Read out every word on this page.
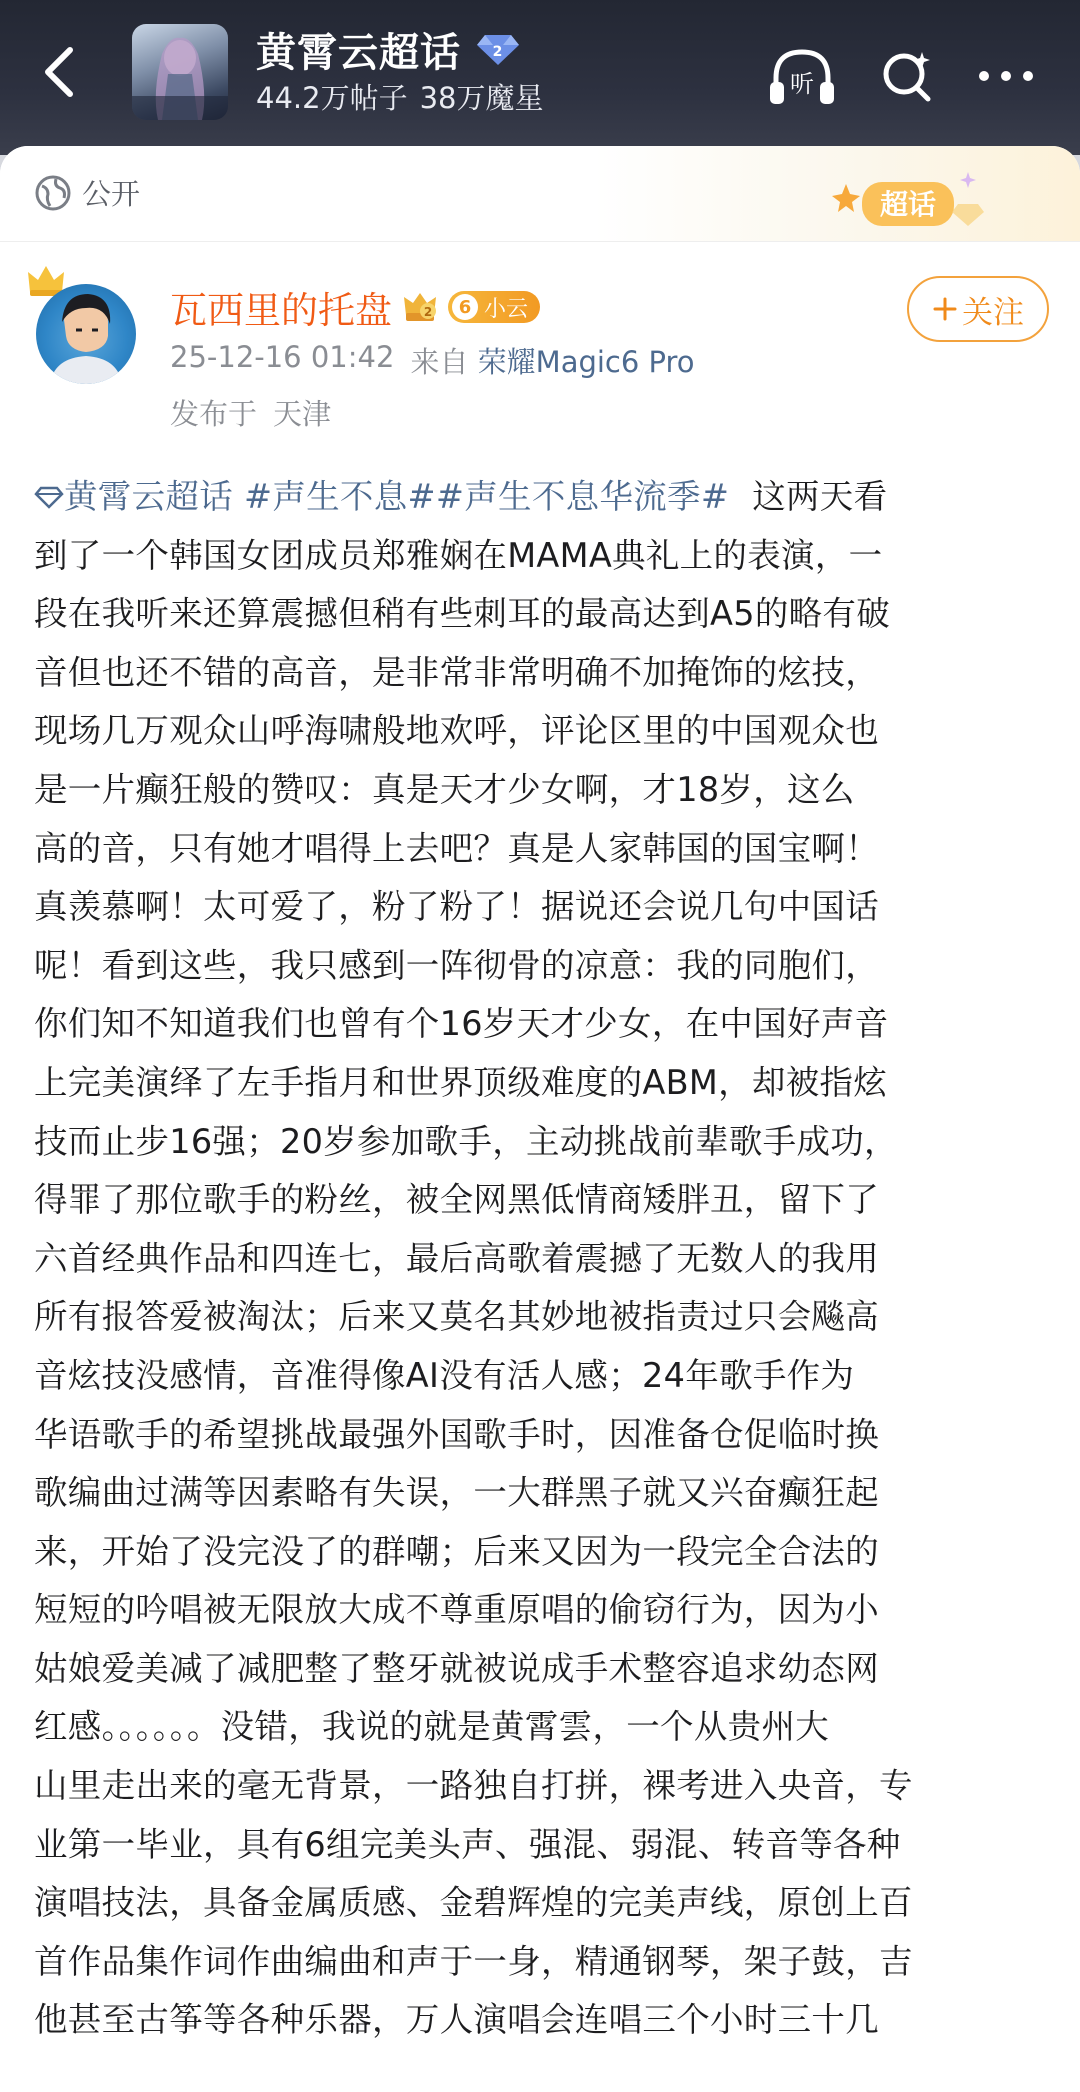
黄霄云超话 2
44.2万帖子 38万魔星	听
公开	超话
瓦西里的托盘	2	6 小云
25-12-16 01:42 来自 荣耀Magic6 Pro
发布于 天津
关注
黄霄云超话 #声生不息##声生不息华流季# 这两天看
到了一个韩国女团成员郑雅娴在MAMA典礼上的表演，一
段在我听来还算震撼但稍有些刺耳的最高达到A5的略有破
音但也还不错的高音，是非常非常明确不加掩饰的炫技，
现场几万观众山呼海啸般地欢呼，评论区里的中国观众也
是一片癫狂般的赞叹：真是天才少女啊，才18岁，这么
高的音，只有她才唱得上去吧？真是人家韩国的国宝啊！
真羡慕啊！太可爱了，粉了粉了！据说还会说几句中国话
呢！看到这些，我只感到一阵彻骨的凉意：我的同胞们，
你们知不知道我们也曾有个16岁天才少女，在中国好声音
上完美演绎了左手指月和世界顶级难度的ABM，却被指炫
技而止步16强；20岁参加歌手，主动挑战前辈歌手成功，
得罪了那位歌手的粉丝，被全网黑低情商矮胖丑，留下了
六首经典作品和四连七，最后高歌着震撼了无数人的我用
所有报答爱被淘汰；后来又莫名其妙地被指责过只会飚高
音炫技没感情，音准得像AI没有活人感；24年歌手作为
华语歌手的希望挑战最强外国歌手时，因准备仓促临时换
歌编曲过满等因素略有失误，一大群黑子就又兴奋癫狂起
来，开始了没完没了的群嘲；后来又因为一段完全合法的
短短的吟唱被无限放大成不尊重原唱的偷窃行为，因为小
姑娘爱美减了减肥整了整牙就被说成手术整容追求幼态网
红感。。。。。。没错，我说的就是黄霄雲，一个从贵州大
山里走出来的毫无背景，一路独自打拼，裸考进入央音，专
业第一毕业，具有6组完美头声、强混、弱混、转音等各种
演唱技法，具备金属质感、金碧辉煌的完美声线，原创上百
首作品集作词作曲编曲和声于一身，精通钢琴，架子鼓，吉
他甚至古筝等各种乐器，万人演唱会连唱三个小时三十几
